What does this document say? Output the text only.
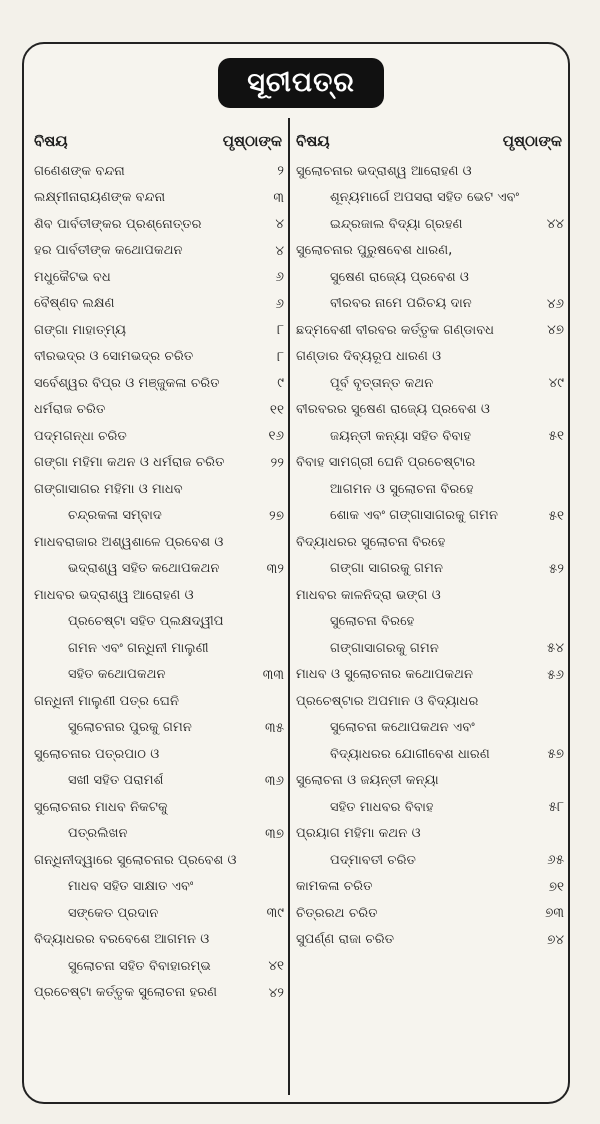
ସୂଚୀପତ୍ର
ବିଷୟ	ପୃଷ୍ଠାଙ୍କ
ଗଣେଶଙ୍କ ବନ୍ଦନା	୨
ଲକ୍ଷ୍ମୀନାରାୟଣଙ୍କ ବନ୍ଦନା	୩
ଶିବ ପାର୍ବତୀଙ୍କର ପ୍ରଶ୍ନୋତ୍ତର	୪
ହର ପାର୍ବତୀଙ୍କ କଥୋପକଥନ	୪
ମଧୁକୈଟଭ ବଧ	୬
ବୈଷ୍ଣବ ଲକ୍ଷଣ	୬
ଗଙ୍ଗା ମାହାତ୍ମ୍ୟ	୮
ବୀରଭଦ୍ର ଓ ସୋମଭଦ୍ର ଚରିତ	୮
ସର୍ବେଶ୍ୱର ବିପ୍ର ଓ ମଞ୍ଜୁକଳା ଚରିତ	୯
ଧର୍ମରାଜ ଚରିତ	୧୧
ପଦ୍ମଗନ୍ଧା ଚରିତ	୧୬
ଗଙ୍ଗା ମହିମା କଥନ ଓ ଧର୍ମରାଜ ଚରିତ	୨୨
ଗଙ୍ଗାସାଗର ମହିମା ଓ ମାଧବ
ଚନ୍ଦ୍ରକଳା ସମ୍ବାଦ	୨୭
ମାଧବରାଜାର ଅଶ୍ୱଶାଳେ ପ୍ରବେଶ ଓ
ଭଦ୍ରାଶ୍ୱ ସହିତ କଥୋପକଥନ	୩୨
ମାଧବର ଭଦ୍ରାଶ୍ୱ ଆରୋହଣ ଓ
ପ୍ରଚେଷ୍ଟା ସହିତ ପ୍ଲକ୍ଷଦ୍ୱୀପ
ଗମନ ଏବଂ ଗନ୍ଧିନୀ ମାଲୁଣୀ
ସହିତ କଥୋପକଥନ	୩୩
ଗନ୍ଧିନୀ ମାଲୁଣୀ ପତ୍ର ଘେନି
ସୁଲୋଚନାର ପୁରକୁ ଗମନ	୩୫
ସୁଲୋଚନାର ପତ୍ରପାଠ ଓ
ସଖୀ ସହିତ ପରାମର୍ଶ	୩୬
ସୁଲୋଚନାର ମାଧବ ନିକଟକୁ
ପତ୍ରଲିଖନ	୩୭
ଗନ୍ଧିନୀଦ୍ୱାରେ ସୁଲୋଚନାର ପ୍ରବେଶ ଓ
ମାଧବ ସହିତ ସାକ୍ଷାତ ଏବଂ
ସଙ୍କେତ ପ୍ରଦାନ	୩୯
ବିଦ୍ୟାଧରର ବରବେଶେ ଆଗମନ ଓ
ସୁଲୋଚନା ସହିତ ବିବାହାରମ୍ଭ	୪୧
ପ୍ରଚେଷ୍ଟା କର୍ତ୍ତୃକ ସୁଲୋଚନା ହରଣ	୪୨
ବିଷୟ	ପୃଷ୍ଠାଙ୍କ
ସୁଲୋଚନାର ଭଦ୍ରାଶ୍ୱ ଆରୋହଣ ଓ
ଶୂନ୍ୟମାର୍ଗେ ଅପସରା ସହିତ ଭେଟ ଏବଂ
ଇନ୍ଦ୍ରଜାଲ ବିଦ୍ୟା ଗ୍ରହଣ	୪୪
ସୁଲୋଚନାର ପୁରୁଷବେଶ ଧାରଣ,
ସୁଷେଣ ରାଜ୍ୟେ ପ୍ରବେଶ ଓ
ବୀରବର ନାମେ ପରିଚୟ ଦାନ	୪୬
ଛଦ୍ମବେଶୀ ବୀରବର କର୍ତ୍ତୃକ ଗଣ୍ଡାବଧ	୪୭
ଗଣ୍ଡାର ଦିବ୍ୟରୂପ ଧାରଣ ଓ
ପୂର୍ବ ବୃତ୍ତାନ୍ତ କଥନ	୪୯
ବୀରବରର ସୁଷେଣ ରାଜ୍ୟେ ପ୍ରବେଶ ଓ
ଜୟନ୍ତୀ କନ୍ୟା ସହିତ ବିବାହ	୫୧
ବିବାହ ସାମଗ୍ରୀ ଘେନି ପ୍ରଚେଷ୍ଟାର
ଆଗମନ ଓ ସୁଲୋଚନା ବିରହେ
ଶୋକ ଏବଂ ଗଙ୍ଗାସାଗରକୁ ଗମନ	୫୧
ବିଦ୍ୟାଧରର ସୁଲୋଚନା ବିରହେ
ଗଙ୍ଗା ସାଗରକୁ ଗମନ	୫୨
ମାଧବର କାଳନିଦ୍ରା ଭଙ୍ଗ ଓ
ସୁଲୋଚନା ବିରହେ
ଗଙ୍ଗାସାଗରକୁ ଗମନ	୫୪
ମାଧବ ଓ ସୁଲୋଚନାର କଥୋପକଥନ	୫୬
ପ୍ରଚେଷ୍ଟାର ଅପମାନ ଓ ବିଦ୍ୟାଧର
ସୁଲୋଚନା କଥୋପକଥନ ଏବଂ
ବିଦ୍ୟାଧରର ଯୋଗୀବେଶ ଧାରଣ	୫୭
ସୁଲୋଚନା ଓ ଜୟନ୍ତୀ କନ୍ୟା
ସହିତ ମାଧବର ବିବାହ	୫୮
ପ୍ରୟାଗ ମହିମା କଥନ ଓ
ପଦ୍ମାବତୀ ଚରିତ	୬୫
କାମକଳା ଚରିତ	୭୧
ଚିତ୍ରରଥ ଚରିତ	୭୩
ସୁପର୍ଣ୍ଣ ରାଜା ଚରିତ	୭୪
